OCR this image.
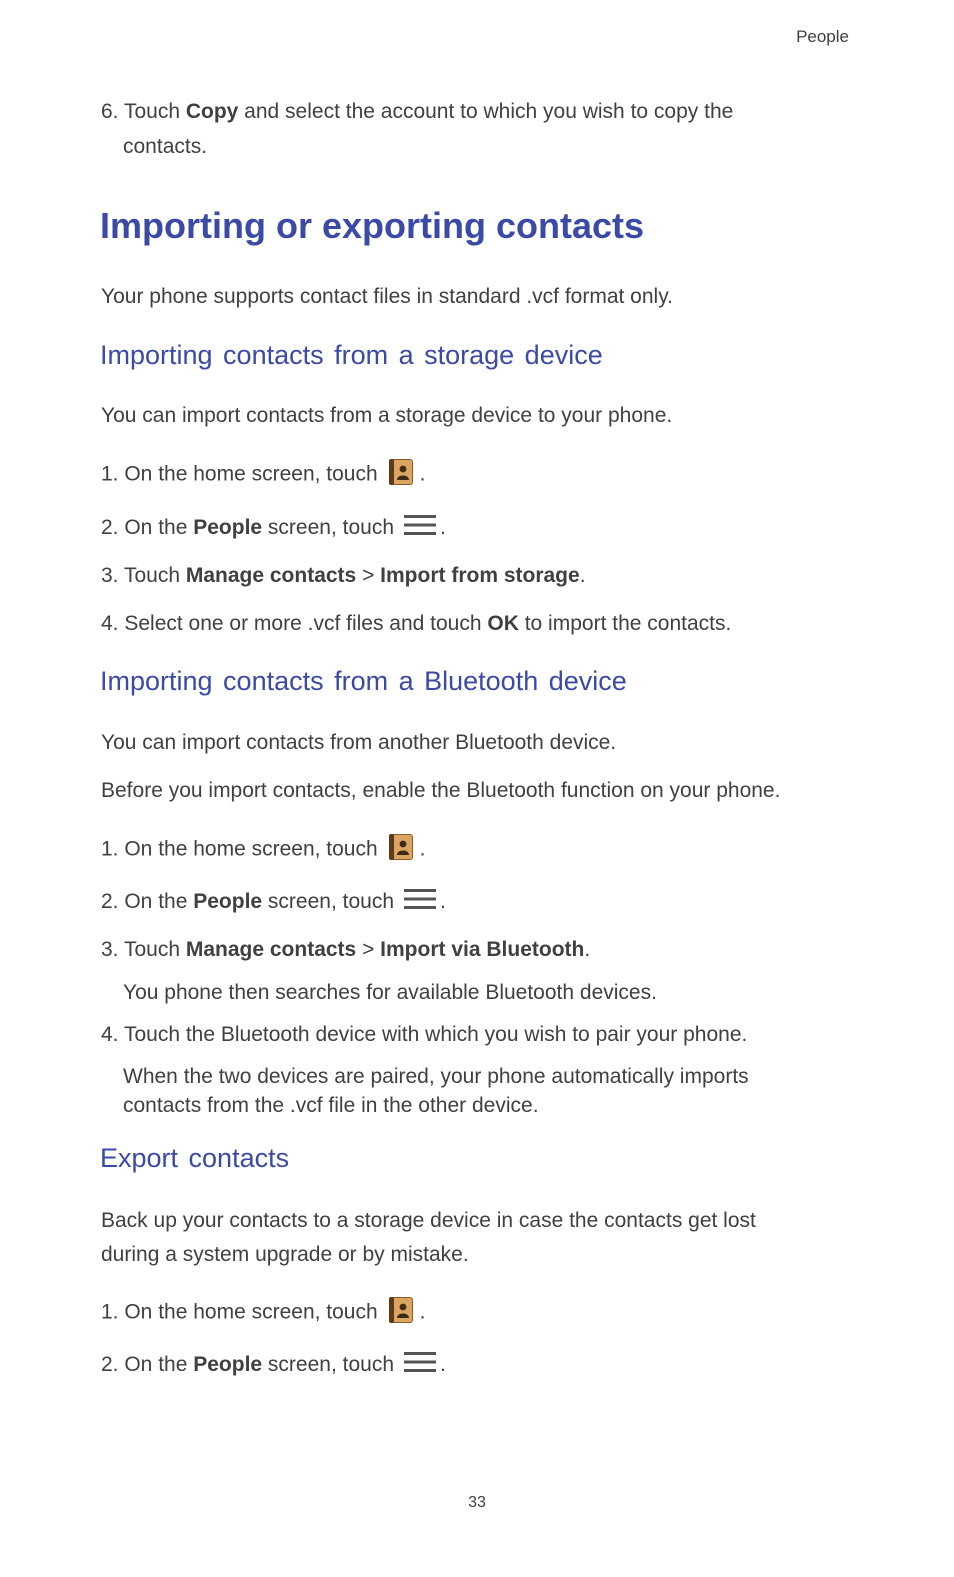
People
6. Touch Copy and select the account to which you wish to copy the
contacts.
Importing or exporting contacts
Your phone supports contact files in standard .vcf format only.
Importing contacts from a storage device
You can import contacts from a storage device to your phone.
1. On the home screen, touch .
2. On the People screen, touch .
3. Touch Manage contacts > Import from storage.
4. Select one or more .vcf files and touch OK to import the contacts.
Importing contacts from a Bluetooth device
You can import contacts from another Bluetooth device.
Before you import contacts, enable the Bluetooth function on your phone.
1. On the home screen, touch .
2. On the People screen, touch .
3. Touch Manage contacts > Import via Bluetooth.
You phone then searches for available Bluetooth devices.
4. Touch the Bluetooth device with which you wish to pair your phone.
When the two devices are paired, your phone automatically imports
contacts from the .vcf file in the other device.
Export contacts
Back up your contacts to a storage device in case the contacts get lost
during a system upgrade or by mistake.
1. On the home screen, touch .
2. On the People screen, touch .
33
